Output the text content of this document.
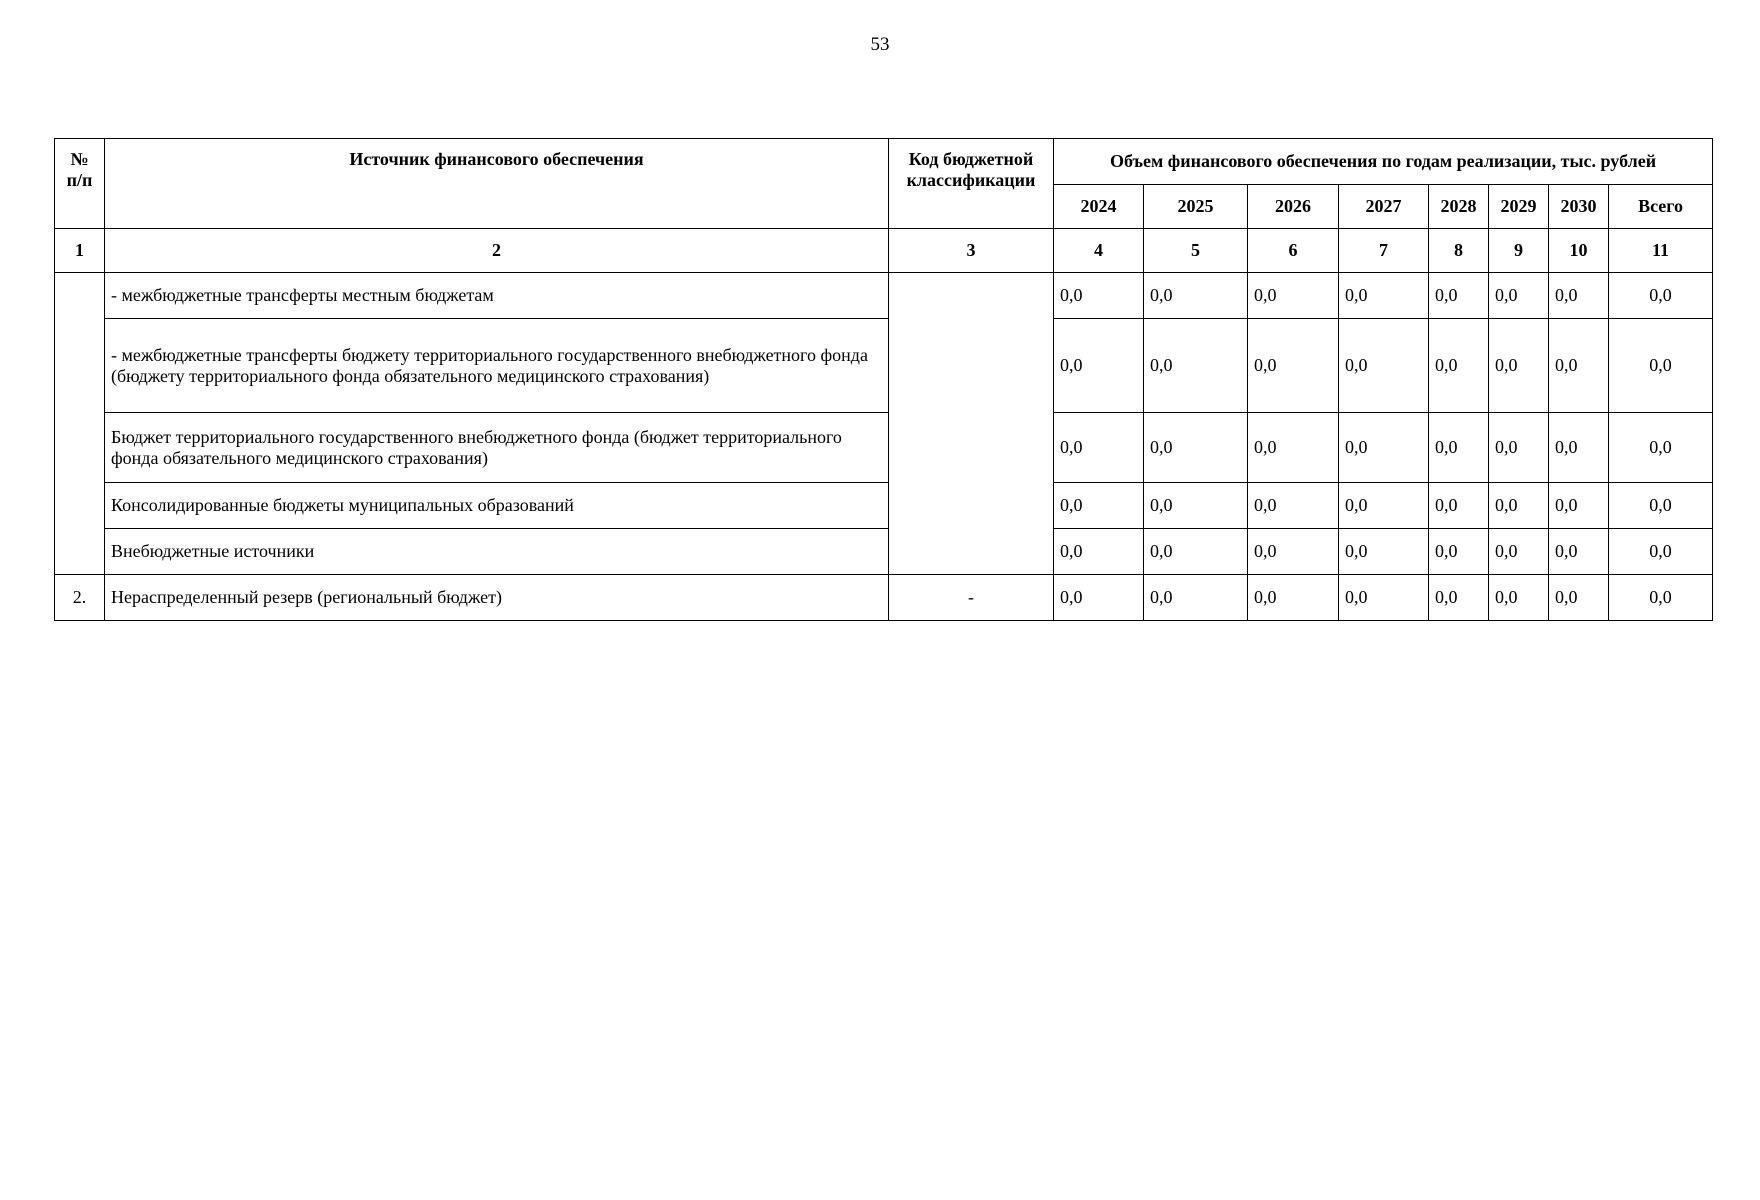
53
№ п/п	Источник финансового обеспечения	Код бюджетной классификации	Объем финансового обеспечения по годам реализации, тыс. рублей							
			2024	2025	2026	2027	2028	2029	2030	Всего
1	2	3	4	5	6	7	8	9	10	11
	- межбюджетные трансферты местным бюджетам		0,0	0,0	0,0	0,0	0,0	0,0	0,0	0,0
	- межбюджетные трансферты бюджету территориального государственного внебюджетного фонда (бюджету территориального фонда обязательного медицинского страхования)		0,0	0,0	0,0	0,0	0,0	0,0	0,0	0,0
	Бюджет территориального государственного внебюджетного фонда (бюджет территориального фонда обязательного медицинского страхования)		0,0	0,0	0,0	0,0	0,0	0,0	0,0	0,0
	Консолидированные бюджеты муниципальных образований		0,0	0,0	0,0	0,0	0,0	0,0	0,0	0,0
	Внебюджетные источники		0,0	0,0	0,0	0,0	0,0	0,0	0,0	0,0
2.	Нераспределенный резерв (региональный бюджет)	-	0,0	0,0	0,0	0,0	0,0	0,0	0,0	0,0
